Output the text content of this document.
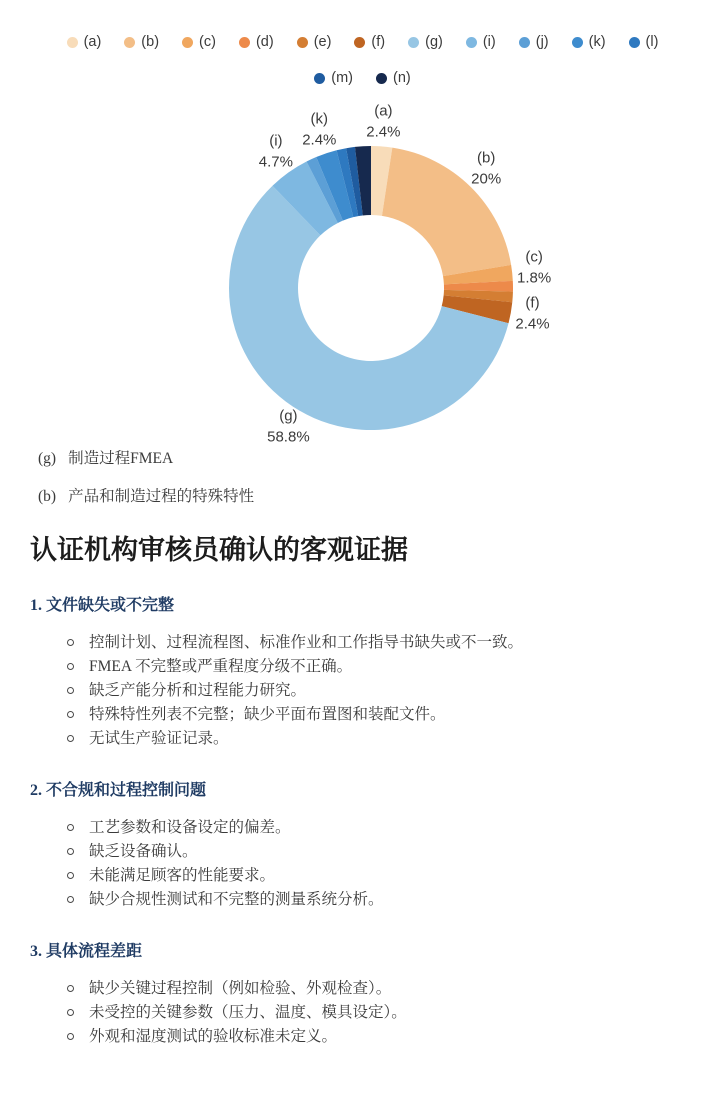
(a)	(b)	(c)	(d)	(e)	(f)	(g)	(i)	(j)	(k)	(l)
(m)	(n)
(a)
2.4%
(b)
20%
(c)
1.8%
(f)
2.4%
(g)
58.8%
(i)
4.7%
(k)
2.4%

(g) 制造过程FMEA

(b) 产品和制造过程的特殊特性

认证机构审核员确认的客观证据
1. 文件缺失或不完整
控制计划、过程流程图、标准作业和工作指导书缺失或不一致。
FMEA 不完整或严重程度分级不正确。
缺乏产能分析和过程能力研究。
特殊特性列表不完整；缺少平面布置图和装配文件。
无试生产验证记录。
2. 不合规和过程控制问题
工艺参数和设备设定的偏差。
缺乏设备确认。
未能满足顾客的性能要求。
缺少合规性测试和不完整的测量系统分析。
3. 具体流程差距
缺少关键过程控制（例如检验、外观检查）。
未受控的关键参数（压力、温度、模具设定）。
外观和湿度测试的验收标准未定义。
